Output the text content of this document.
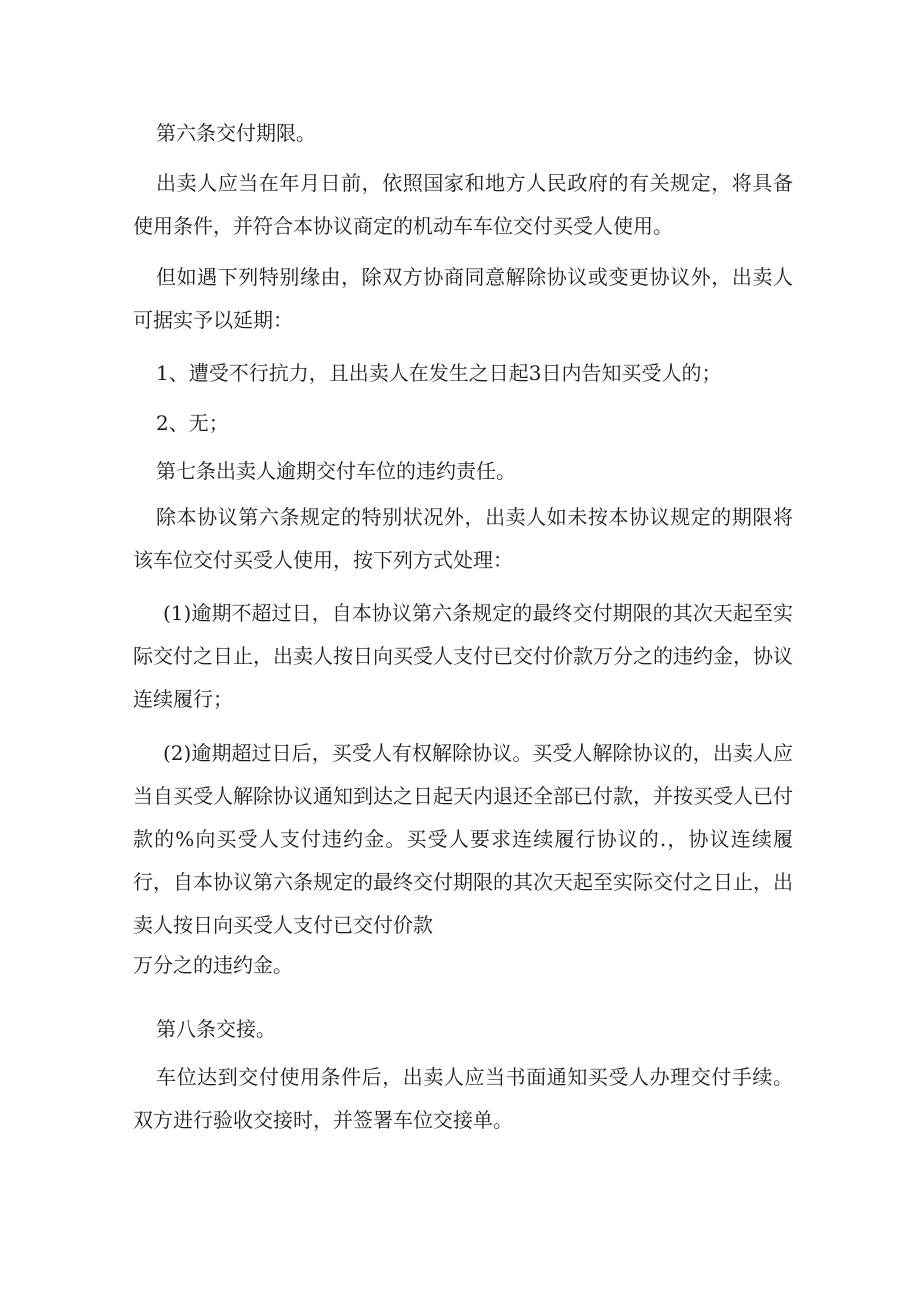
第六条交付期限。

出卖人应当在年月日前，依照国家和地方人民政府的有关规定，将具备使用条件，并符合本协议商定的机动车车位交付买受人使用。

但如遇下列特别缘由，除双方协商同意解除协议或变更协议外，出卖人可据实予以延期：

1、遭受不行抗力，且出卖人在发生之日起3日内告知买受人的；

2、无；

第七条出卖人逾期交付车位的违约责任。

除本协议第六条规定的特别状况外，出卖人如未按本协议规定的期限将该车位交付买受人使用，按下列方式处理：

(1)逾期不超过日，自本协议第六条规定的最终交付期限的其次天起至实际交付之日止，出卖人按日向买受人支付已交付价款万分之的违约金，协议连续履行；

(2)逾期超过日后，买受人有权解除协议。买受人解除协议的，出卖人应当自买受人解除协议通知到达之日起天内退还全部已付款，并按买受人已付款的%向买受人支付违约金。买受人要求连续履行协议的.，协议连续履行，自本协议第六条规定的最终交付期限的其次天起至实际交付之日止，出卖人按日向买受人支付已交付价款

万分之的违约金。

第八条交接。

车位达到交付使用条件后，出卖人应当书面通知买受人办理交付手续。双方进行验收交接时，并签署车位交接单。
